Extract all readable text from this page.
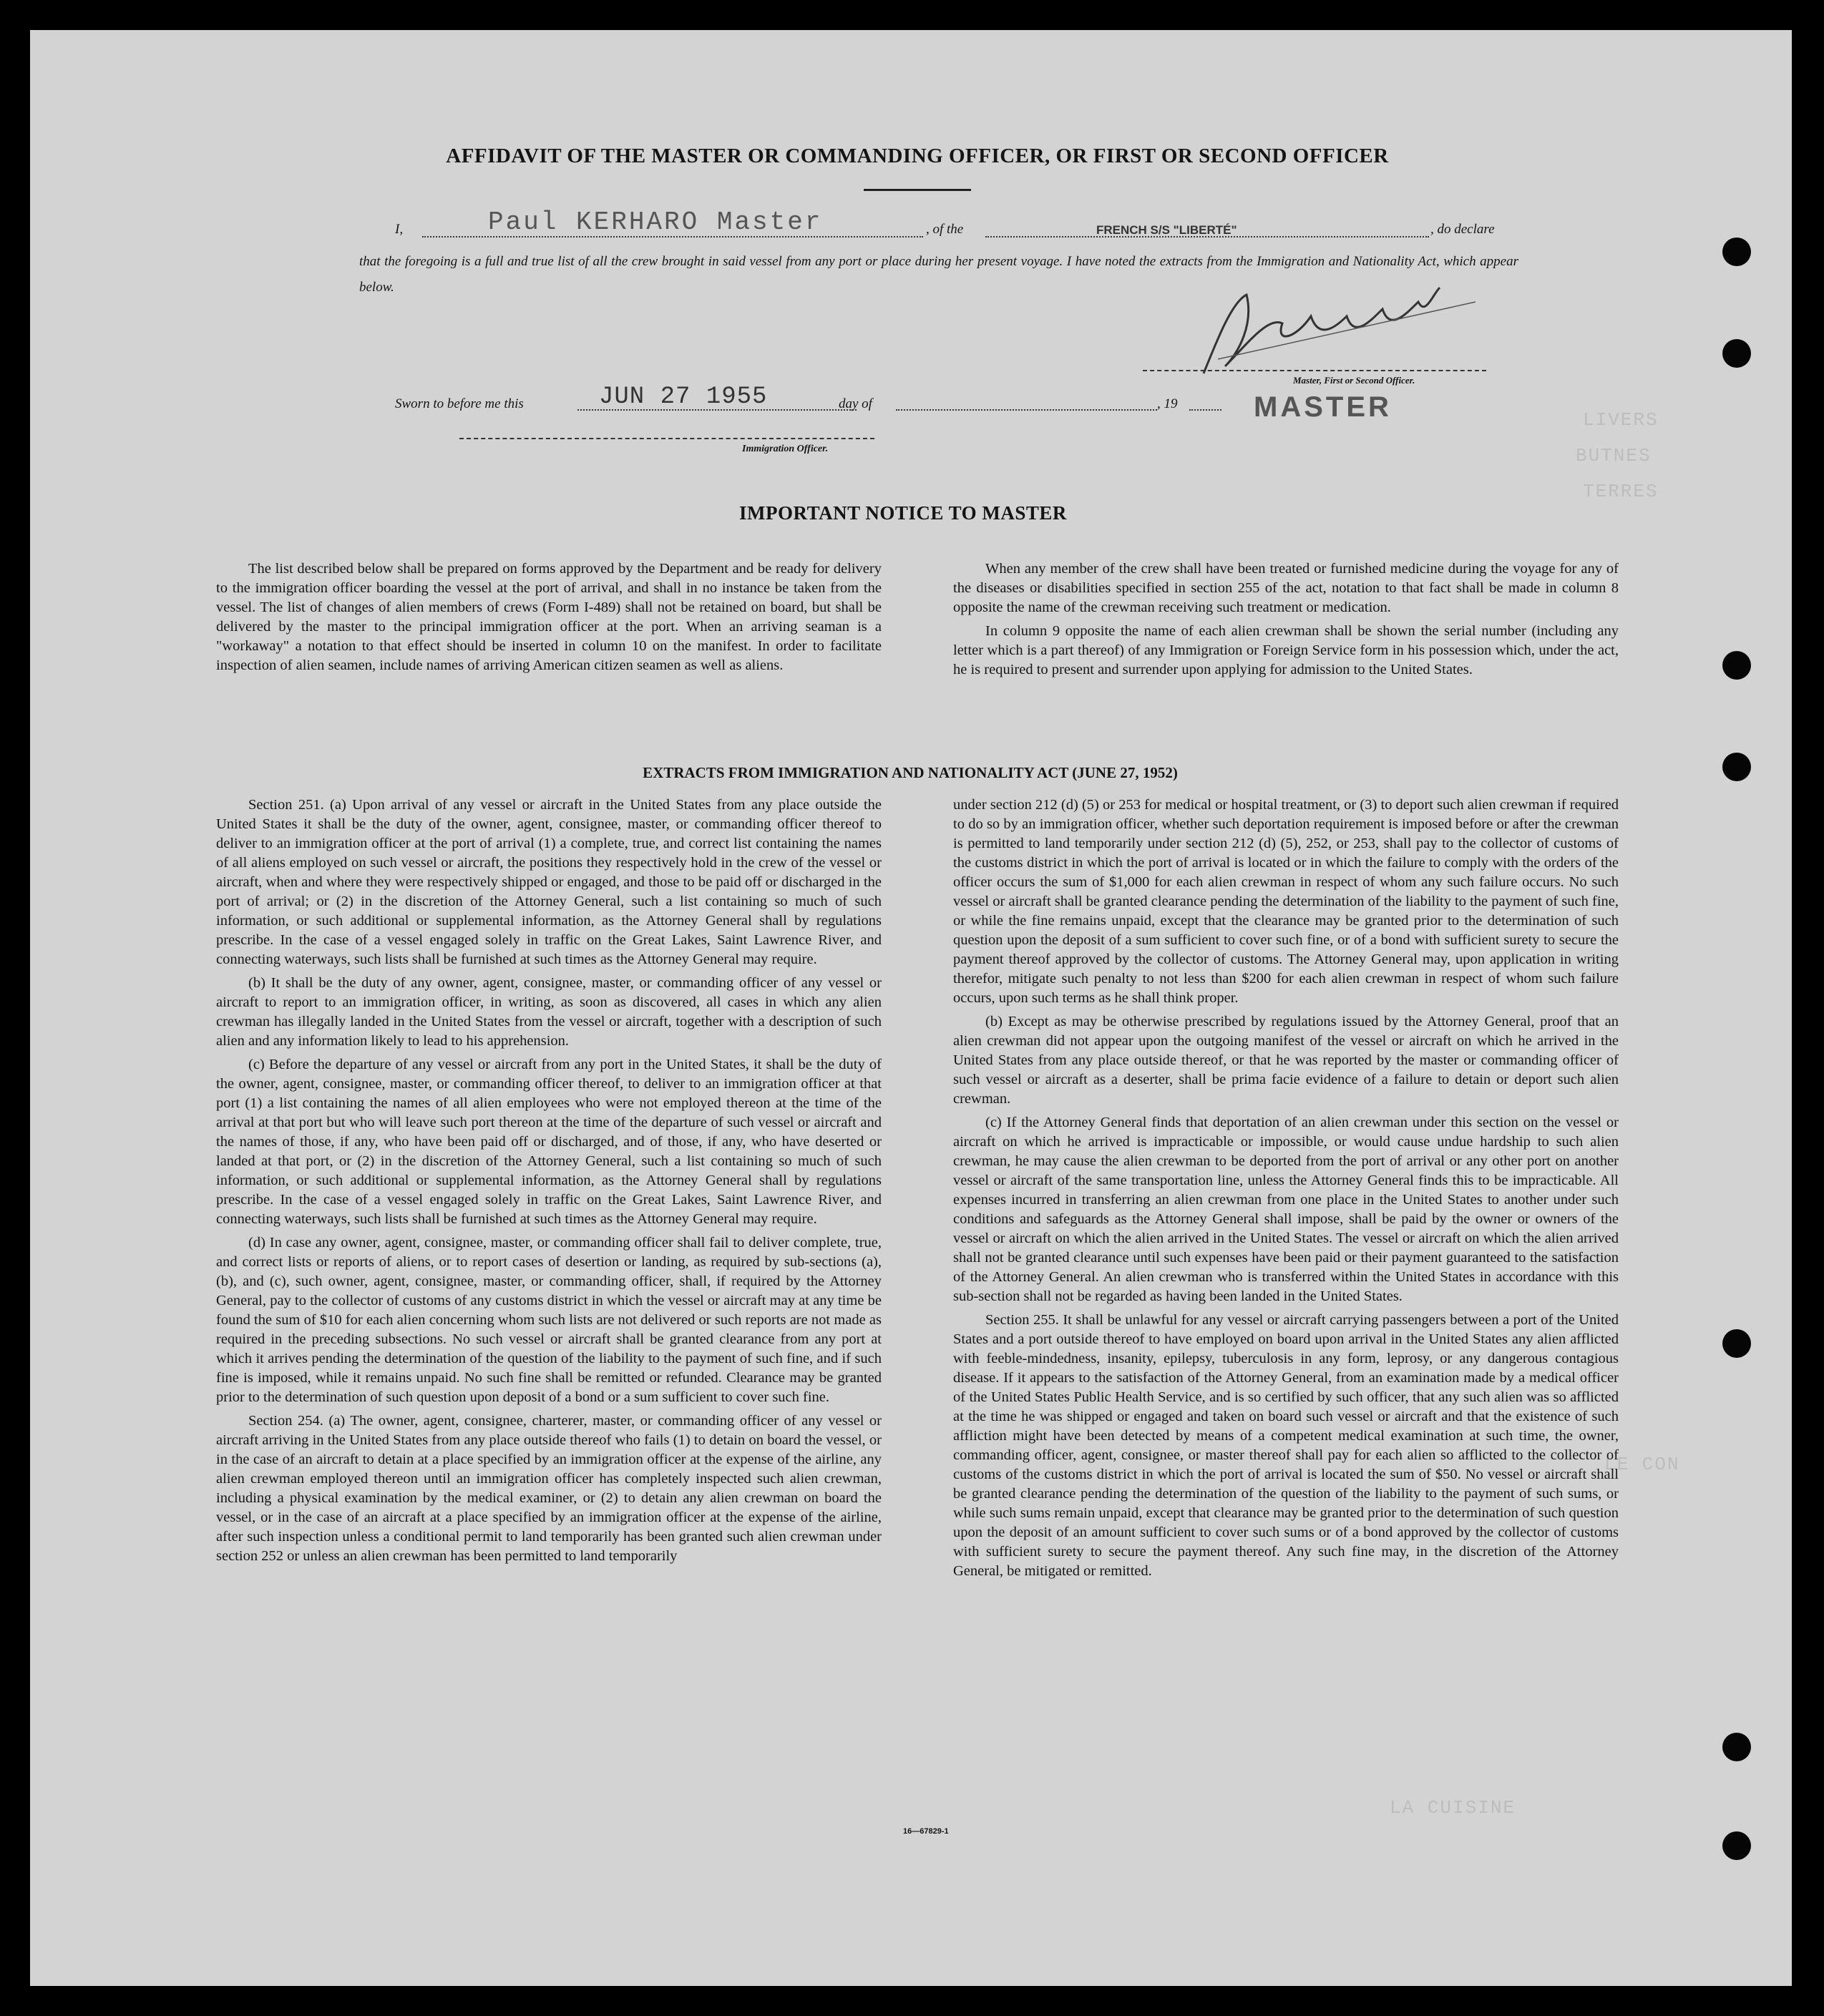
LIVERS
BUTNES
TERRES
LE CON
LA CUISINE
AFFIDAVIT OF THE MASTER OR COMMANDING OFFICER, OR FIRST OR SECOND OFFICER
I,	Paul KERHARO Master	, of the	FRENCH S/S "LIBERTÉ"	, do declare
that the foregoing is a full and true list of all the crew brought in said vessel from any port or place during her present voyage. I have noted the extracts from the Immigration and Nationality Act, which appear below.
Master, First or Second Officer.
MASTER
Sworn to before me this	JUN 27 1955	day of	, 19
Immigration Officer.
IMPORTANT NOTICE TO MASTER

The list described below shall be prepared on forms approved by the Department and be ready for delivery to the immigration officer boarding the vessel at the port of arrival, and shall in no instance be taken from the vessel. The list of changes of alien members of crews (Form I-489) shall not be retained on board, but shall be delivered by the master to the principal immigration officer at the port. When an arriving seaman is a "workaway" a notation to that effect should be inserted in column 10 on the manifest. In order to facilitate inspection of alien seamen, include names of arriving American citizen seamen as well as aliens.

When any member of the crew shall have been treated or furnished medicine during the voyage for any of the diseases or disabilities specified in section 255 of the act, notation to that fact shall be made in column 8 opposite the name of the crewman receiving such treatment or medication.

In column 9 opposite the name of each alien crewman shall be shown the serial number (including any letter which is a part thereof) of any Immigration or Foreign Service form in his possession which, under the act, he is required to present and surrender upon applying for admission to the United States.

EXTRACTS FROM IMMIGRATION AND NATIONALITY ACT (JUNE 27, 1952)

Section 251. (a) Upon arrival of any vessel or aircraft in the United States from any place outside the United States it shall be the duty of the owner, agent, consignee, master, or commanding officer thereof to deliver to an immigration officer at the port of arrival (1) a complete, true, and correct list containing the names of all aliens employed on such vessel or aircraft, the positions they respectively hold in the crew of the vessel or aircraft, when and where they were respectively shipped or engaged, and those to be paid off or discharged in the port of arrival; or (2) in the discretion of the Attorney General, such a list containing so much of such information, or such additional or supplemental information, as the Attorney General shall by regulations prescribe. In the case of a vessel engaged solely in traffic on the Great Lakes, Saint Lawrence River, and connecting waterways, such lists shall be furnished at such times as the Attorney General may require.

(b) It shall be the duty of any owner, agent, consignee, master, or commanding officer of any vessel or aircraft to report to an immigration officer, in writing, as soon as discovered, all cases in which any alien crewman has illegally landed in the United States from the vessel or aircraft, together with a description of such alien and any information likely to lead to his apprehension.

(c) Before the departure of any vessel or aircraft from any port in the United States, it shall be the duty of the owner, agent, consignee, master, or commanding officer thereof, to deliver to an immigration officer at that port (1) a list containing the names of all alien employees who were not employed thereon at the time of the arrival at that port but who will leave such port thereon at the time of the departure of such vessel or aircraft and the names of those, if any, who have been paid off or discharged, and of those, if any, who have deserted or landed at that port, or (2) in the discretion of the Attorney General, such a list containing so much of such information, or such additional or supplemental information, as the Attorney General shall by regulations prescribe. In the case of a vessel engaged solely in traffic on the Great Lakes, Saint Lawrence River, and connecting waterways, such lists shall be furnished at such times as the Attorney General may require.

(d) In case any owner, agent, consignee, master, or commanding officer shall fail to deliver complete, true, and correct lists or reports of aliens, or to report cases of desertion or landing, as required by sub-sections (a), (b), and (c), such owner, agent, consignee, master, or commanding officer, shall, if required by the Attorney General, pay to the collector of customs of any customs district in which the vessel or aircraft may at any time be found the sum of $10 for each alien concerning whom such lists are not delivered or such reports are not made as required in the preceding subsections. No such vessel or aircraft shall be granted clearance from any port at which it arrives pending the determination of the question of the liability to the payment of such fine, and if such fine is imposed, while it remains unpaid. No such fine shall be remitted or refunded. Clearance may be granted prior to the determination of such question upon deposit of a bond or a sum sufficient to cover such fine.

Section 254. (a) The owner, agent, consignee, charterer, master, or commanding officer of any vessel or aircraft arriving in the United States from any place outside thereof who fails (1) to detain on board the vessel, or in the case of an aircraft to detain at a place specified by an immigration officer at the expense of the airline, any alien crewman employed thereon until an immigration officer has completely inspected such alien crewman, including a physical examination by the medical examiner, or (2) to detain any alien crewman on board the vessel, or in the case of an aircraft at a place specified by an immigration officer at the expense of the airline, after such inspection unless a conditional permit to land temporarily has been granted such alien crewman under section 252 or unless an alien crewman has been permitted to land temporarily

under section 212 (d) (5) or 253 for medical or hospital treatment, or (3) to deport such alien crewman if required to do so by an immigration officer, whether such deportation requirement is imposed before or after the crewman is permitted to land temporarily under section 212 (d) (5), 252, or 253, shall pay to the collector of customs of the customs district in which the port of arrival is located or in which the failure to comply with the orders of the officer occurs the sum of $1,000 for each alien crewman in respect of whom any such failure occurs. No such vessel or aircraft shall be granted clearance pending the determination of the liability to the payment of such fine, or while the fine remains unpaid, except that the clearance may be granted prior to the determination of such question upon the deposit of a sum sufficient to cover such fine, or of a bond with sufficient surety to secure the payment thereof approved by the collector of customs. The Attorney General may, upon application in writing therefor, mitigate such penalty to not less than $200 for each alien crewman in respect of whom such failure occurs, upon such terms as he shall think proper.

(b) Except as may be otherwise prescribed by regulations issued by the Attorney General, proof that an alien crewman did not appear upon the outgoing manifest of the vessel or aircraft on which he arrived in the United States from any place outside thereof, or that he was reported by the master or commanding officer of such vessel or aircraft as a deserter, shall be prima facie evidence of a failure to detain or deport such alien crewman.

(c) If the Attorney General finds that deportation of an alien crewman under this section on the vessel or aircraft on which he arrived is impracticable or impossible, or would cause undue hardship to such alien crewman, he may cause the alien crewman to be deported from the port of arrival or any other port on another vessel or aircraft of the same transportation line, unless the Attorney General finds this to be impracticable. All expenses incurred in transferring an alien crewman from one place in the United States to another under such conditions and safeguards as the Attorney General shall impose, shall be paid by the owner or owners of the vessel or aircraft on which the alien arrived in the United States. The vessel or aircraft on which the alien arrived shall not be granted clearance until such expenses have been paid or their payment guaranteed to the satisfaction of the Attorney General. An alien crewman who is transferred within the United States in accordance with this sub-section shall not be regarded as having been landed in the United States.

Section 255. It shall be unlawful for any vessel or aircraft carrying passengers between a port of the United States and a port outside thereof to have employed on board upon arrival in the United States any alien afflicted with feeble-mindedness, insanity, epilepsy, tuberculosis in any form, leprosy, or any dangerous contagious disease. If it appears to the satisfaction of the Attorney General, from an examination made by a medical officer of the United States Public Health Service, and is so certified by such officer, that any such alien was so afflicted at the time he was shipped or engaged and taken on board such vessel or aircraft and that the existence of such affliction might have been detected by means of a competent medical examination at such time, the owner, commanding officer, agent, consignee, or master thereof shall pay for each alien so afflicted to the collector of customs of the customs district in which the port of arrival is located the sum of $50. No vessel or aircraft shall be granted clearance pending the determination of the question of the liability to the payment of such sums, or while such sums remain unpaid, except that clearance may be granted prior to the determination of such question upon the deposit of an amount sufficient to cover such sums or of a bond approved by the collector of customs with sufficient surety to secure the payment thereof. Any such fine may, in the discretion of the Attorney General, be mitigated or remitted.

16—67829-1
